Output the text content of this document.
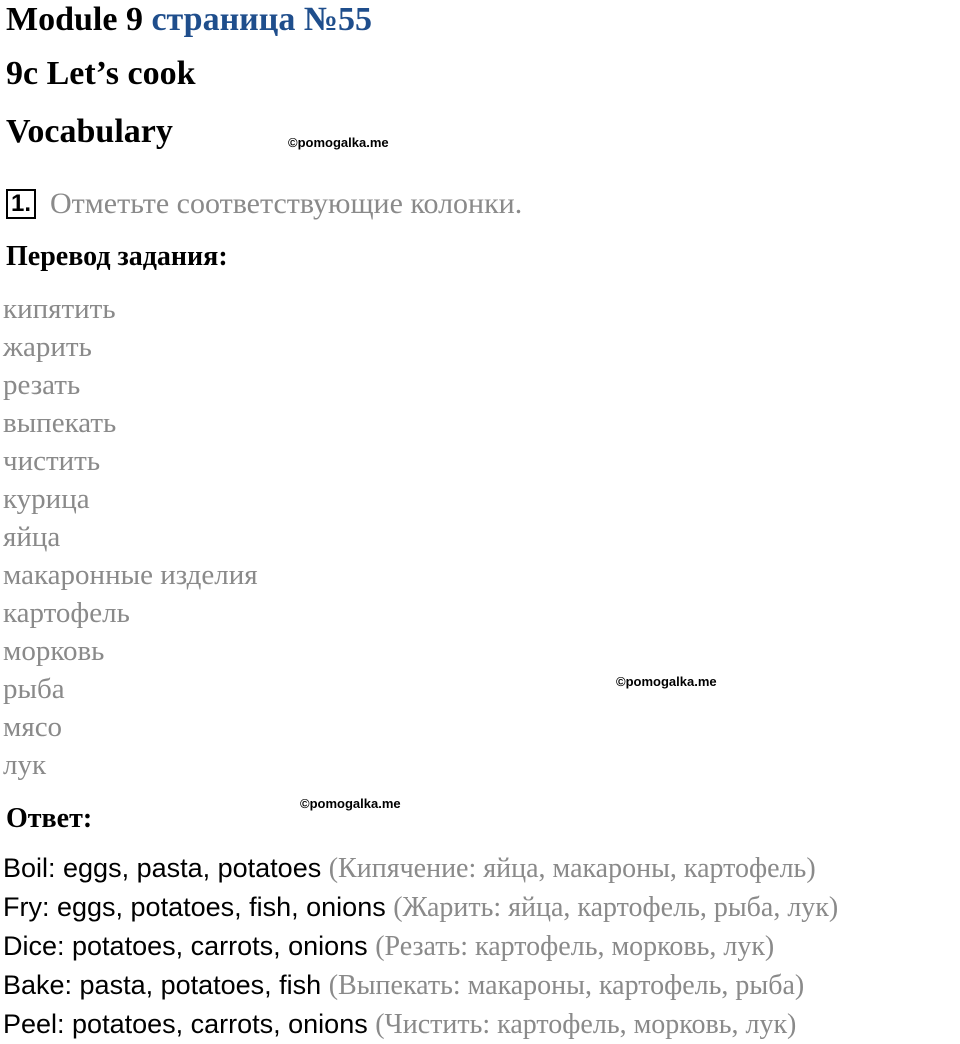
Module 9 страница №55
9c Let’s cook
Vocabulary	©pomogalka.me
1. Отметьте соответствующие колонки.
Перевод задания:
кипятить
жарить
резать
выпекать
чистить
курица
яйца
макаронные изделия
картофель
морковь
рыба
мясо
лук
©pomogalka.me
Ответ:	©pomogalka.me
Boil: eggs, pasta, potatoes (Кипячение: яйца, макароны, картофель)
Fry: eggs, potatoes, fish, onions (Жарить: яйца, картофель, рыба, лук)
Dice: potatoes, carrots, onions (Резать: картофель, морковь, лук)
Bake: pasta, potatoes, fish (Выпекать: макароны, картофель, рыба)
Peel: potatoes, carrots, onions (Чистить: картофель, морковь, лук)
